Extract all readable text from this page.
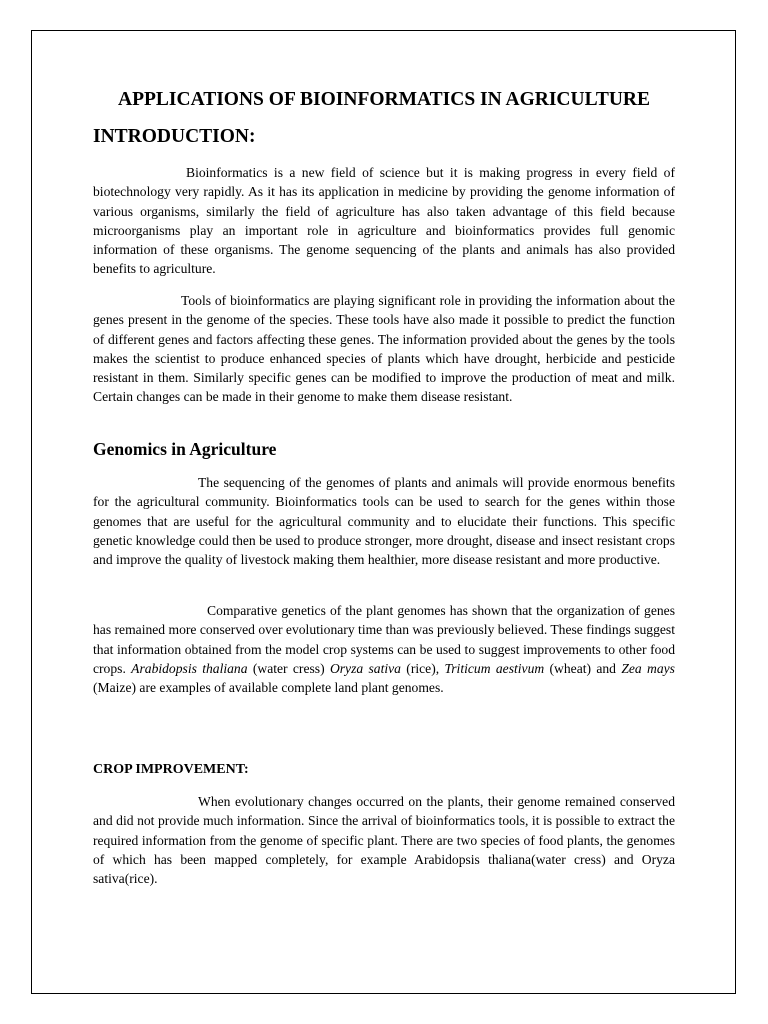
APPLICATIONS OF BIOINFORMATICS IN AGRICULTURE
INTRODUCTION:

Bioinformatics is a new field of science but it is making progress in every field of biotechnology very rapidly. As it has its application in medicine by providing the genome information of various organisms, similarly the field of agriculture has also taken advantage of this field because microorganisms play an important role in agriculture and bioinformatics provides full genomic information of these organisms. The genome sequencing of the plants and animals has also provided benefits to agriculture.

Tools of bioinformatics are playing significant role in providing the information about the genes present in the genome of the species. These tools have also made it possible to predict the function of different genes and factors affecting these genes. The information provided about the genes by the tools makes the scientist to produce enhanced species of plants which have drought, herbicide and pesticide resistant in them. Similarly specific genes can be modified to improve the production of meat and milk. Certain changes can be made in their genome to make them disease resistant.

Genomics in Agriculture

The sequencing of the genomes of plants and animals will provide enormous benefits for the agricultural community. Bioinformatics tools can be used to search for the genes within those genomes that are useful for the agricultural community and to elucidate their functions. This specific genetic knowledge could then be used to produce stronger, more drought, disease and insect resistant crops and improve the quality of livestock making them healthier, more disease resistant and more productive.

Comparative genetics of the plant genomes has shown that the organization of genes has remained more conserved over evolutionary time than was previously believed. These findings suggest that information obtained from the model crop systems can be used to suggest improvements to other food crops. Arabidopsis thaliana (water cress) Oryza sativa (rice), Triticum aestivum (wheat) and Zea mays (Maize) are examples of available complete land plant genomes.

CROP IMPROVEMENT:

When evolutionary changes occurred on the plants, their genome remained conserved and did not provide much information. Since the arrival of bioinformatics tools, it is possible to extract the required information from the genome of specific plant. There are two species of food plants, the genomes of which has been mapped completely, for example Arabidopsis thaliana(water cress) and Oryza sativa(rice).
